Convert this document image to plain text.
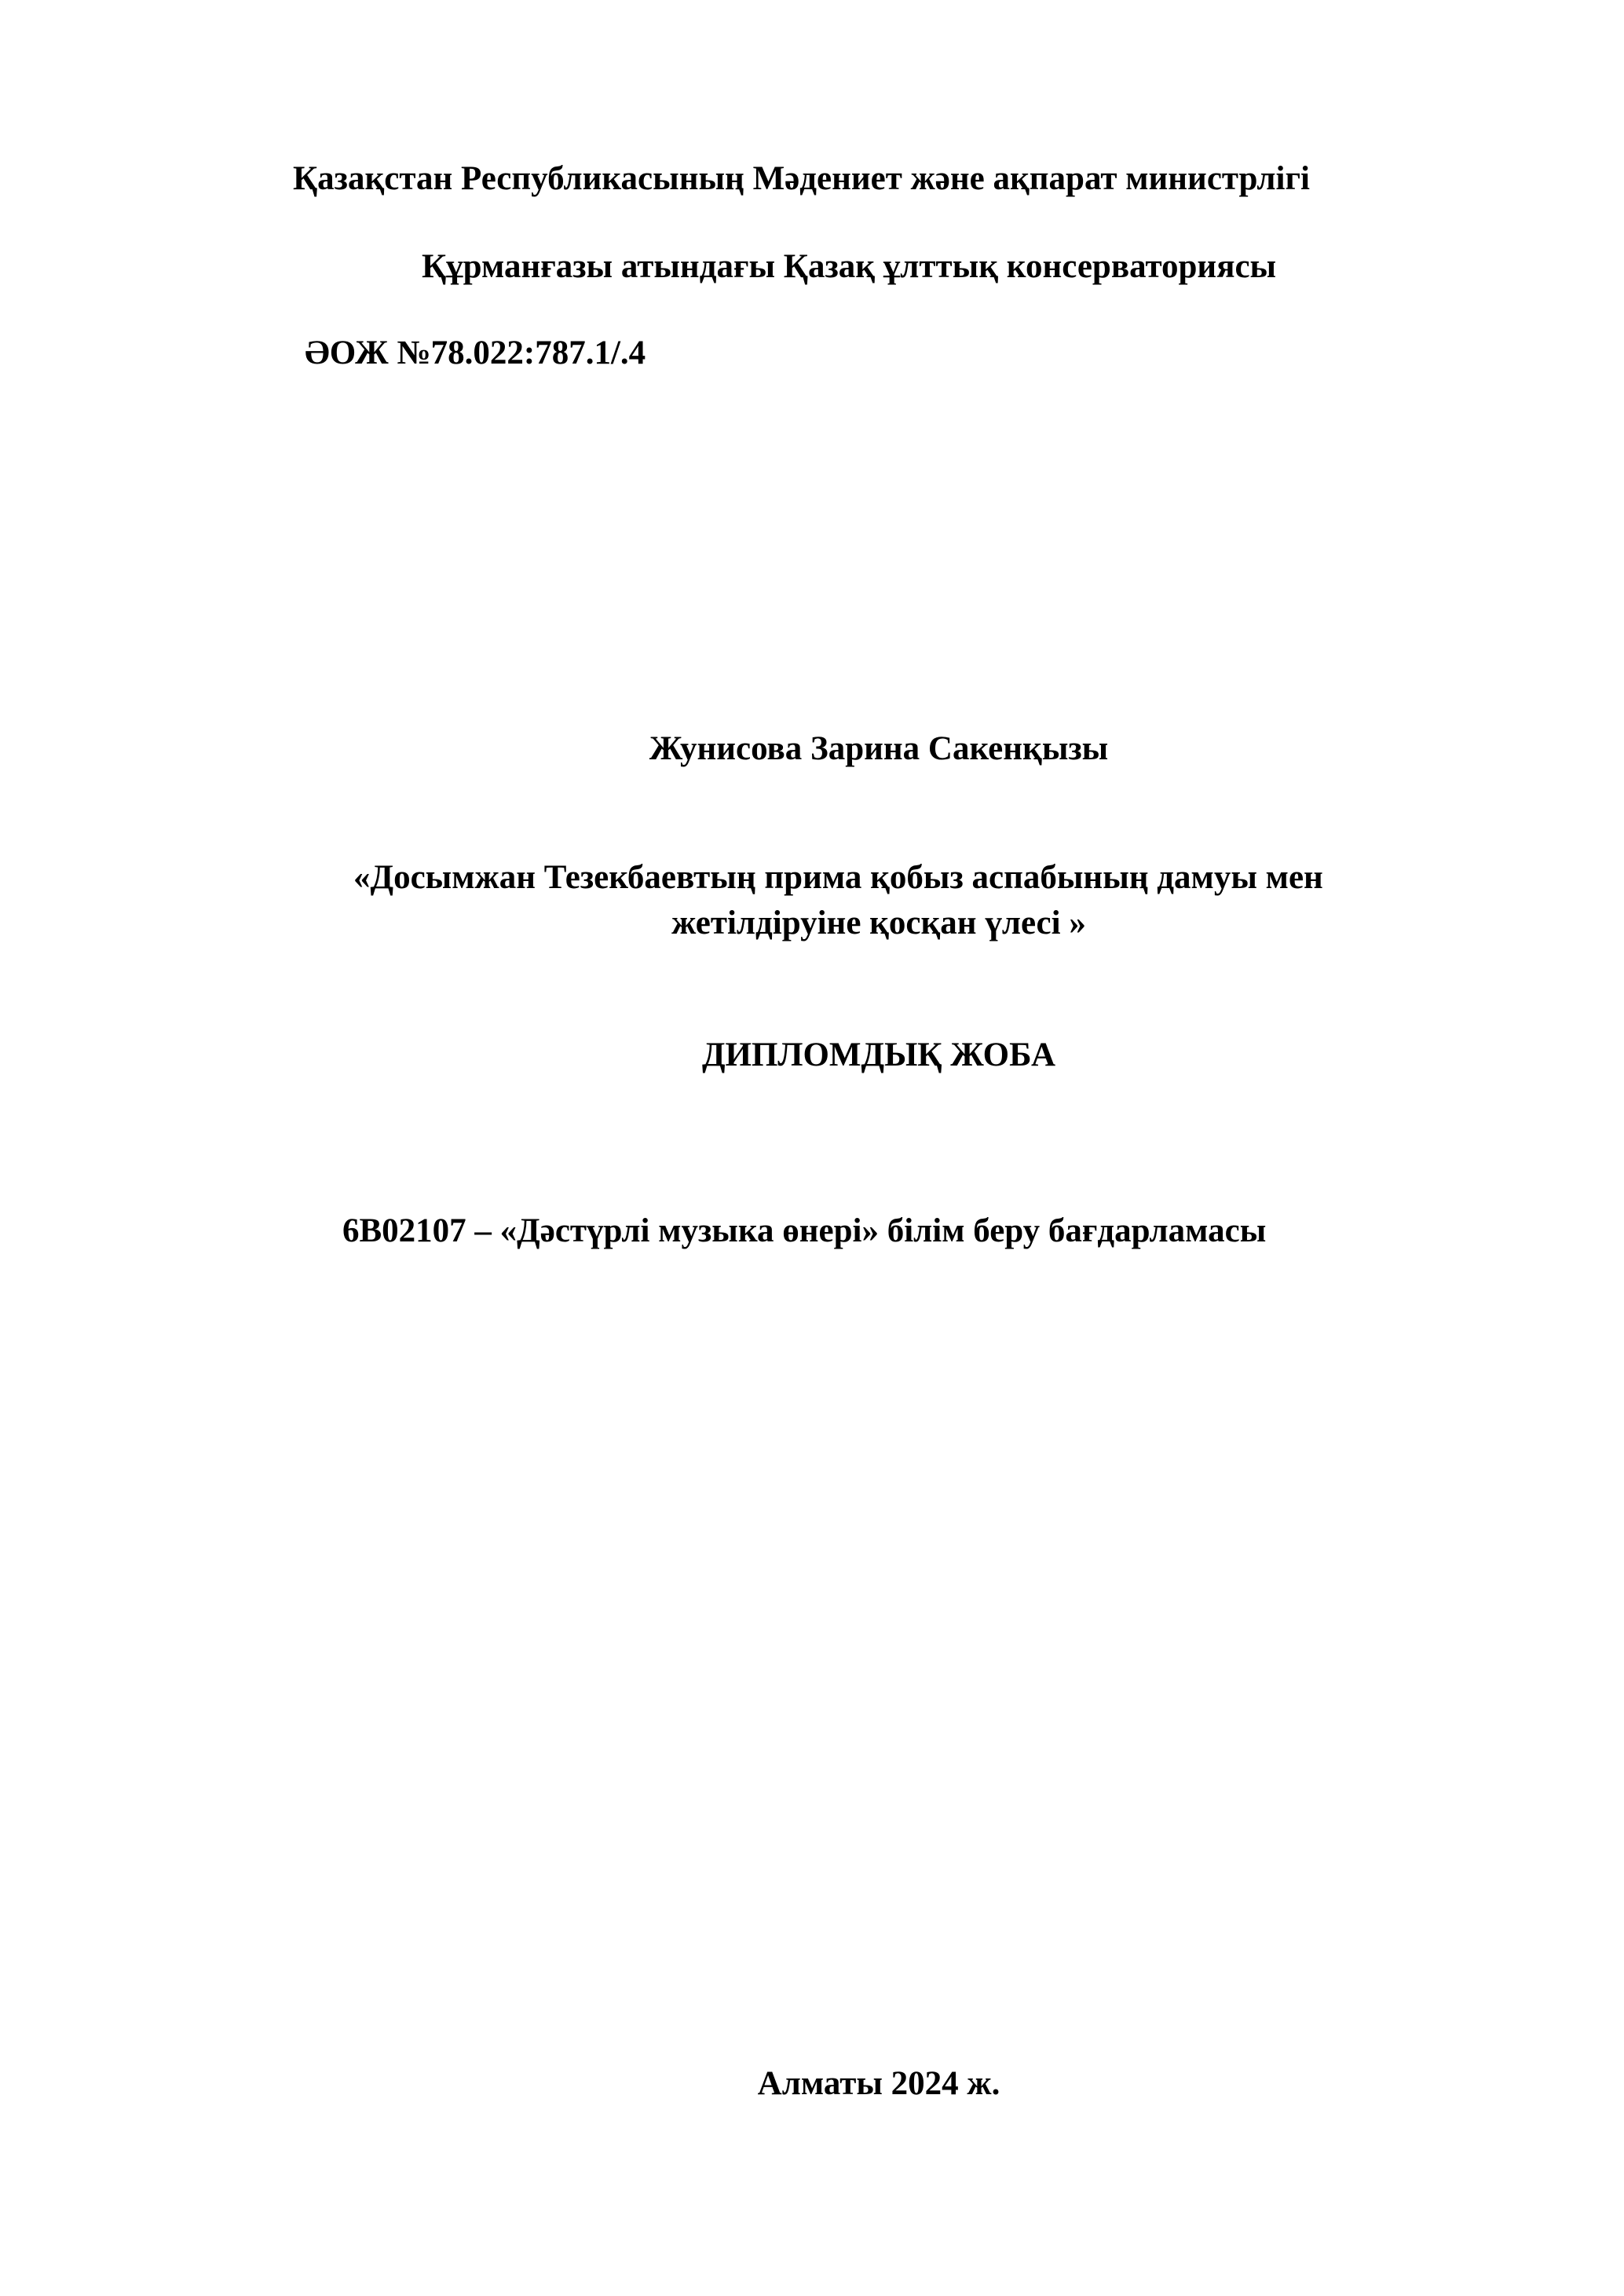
Қазақстан Республикасының Мәдениет және ақпарат министрлігі

Құрманғазы атындағы Қазақ ұлттық консерваториясы

ӘОЖ №78.022:787.1/.4

Жунисова Зарина Сакенқызы

«Досымжан Тезекбаевтың прима қобыз аспабының дамуы мен

жетілдіруіне қосқан үлесі »

ДИПЛОМДЫҚ ЖОБА

6В02107 – «Дәстүрлі музыка өнері» білім беру бағдарламасы

Алматы 2024 ж.
